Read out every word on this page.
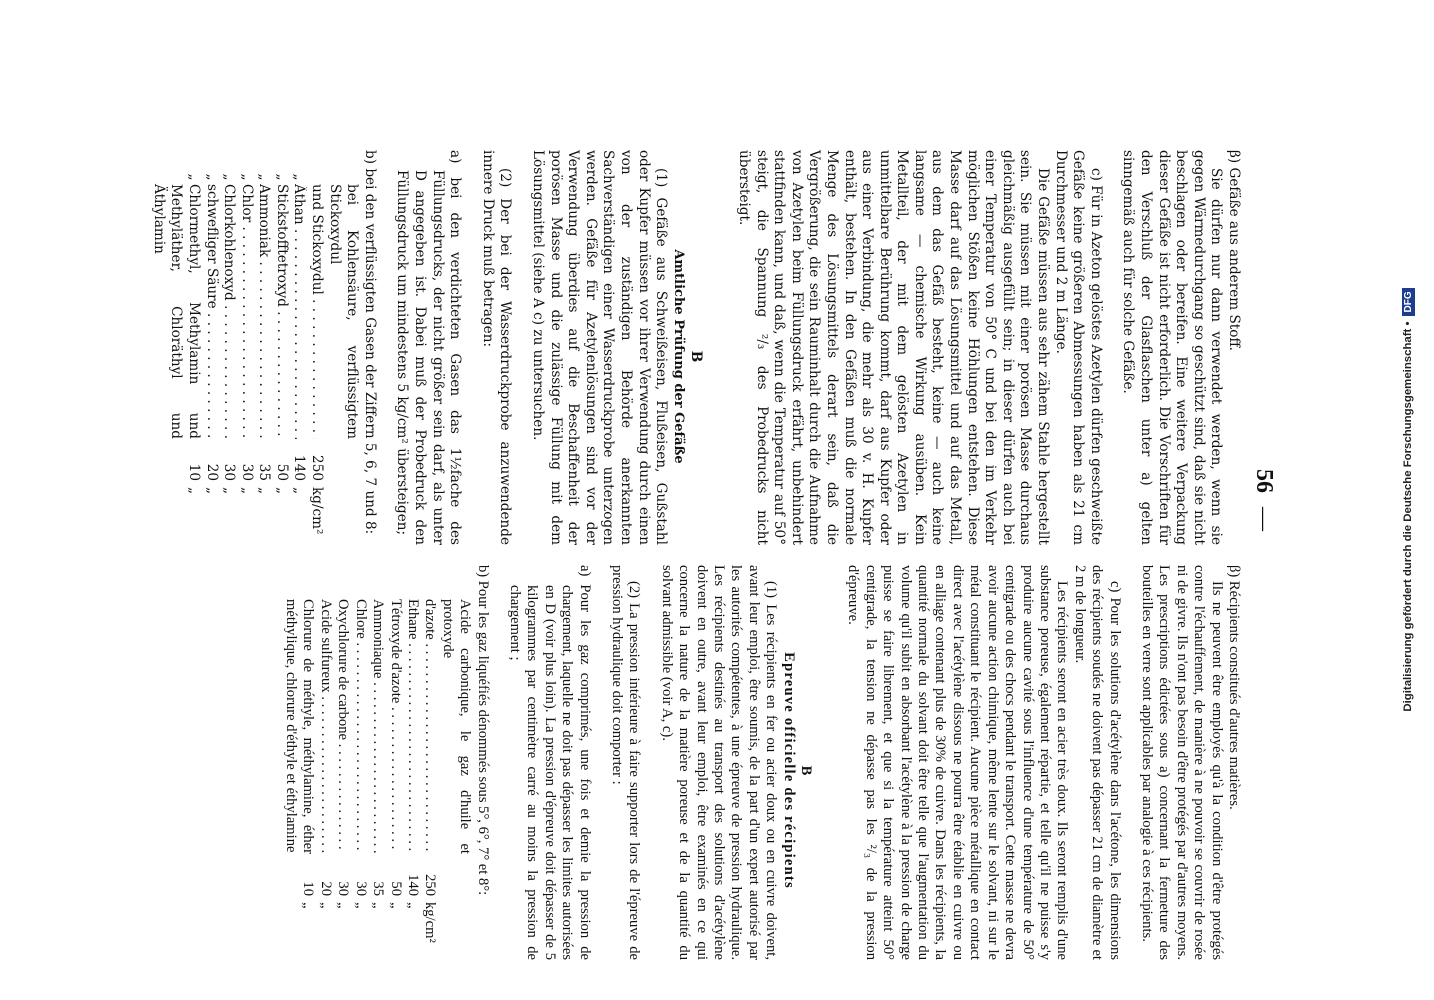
56—

β) Gefäße aus anderem Stoff.

Sie dürfen nur dann verwendet werden, wenn sie gegen Wärmedurchgang so geschützt sind, daß sie nicht beschlagen oder bereifen. Eine weitere Verpackung dieser Gefäße ist nicht erforderlich. Die Vorschriften für den Verschluß der Glasflaschen unter a) gelten sinngemäß auch für solche Gefäße.

c) Für in Azeton gelöstes Azetylen dürfen geschweißte Gefäße keine größeren Abmessungen haben als 21 cm Durchmesser und 2 m Länge.

Die Gefäße müssen aus sehr zähem Stahle hergestellt sein. Sie müssen mit einer porösen Masse durchaus gleichmäßig ausgefüllt sein; in dieser dürfen auch bei einer Temperatur von 50° C und bei den im Verkehr möglichen Stößen keine Höhlungen entstehen. Diese Masse darf auf das Lösungsmittel und auf das Metall, aus dem das Gefäß besteht, keine — auch keine langsame — chemische Wirkung ausüben. Kein Metallteil, der mit dem gelösten Azetylen in unmittelbare Berührung kommt, darf aus Kupfer oder aus einer Verbindung, die mehr als 30 v. H. Kupfer enthält, bestehen. In den Gefäßen muß die normale Menge des Lösungsmittels derart sein, daß die Vergrößerung, die sein Rauminhalt durch die Aufnahme von Azetylen beim Füllungsdruck erfährt, unbehindert stattfinden kann, und daß, wenn die Temperatur auf 50° steigt, die Spannung ²/₃ des Probedrucks nicht übersteigt.

B

Amtliche Prüfung der Gefäße

(1) Gefäße aus Schweißeisen, Flußeisen, Gußstahl oder Kupfer müssen vor ihrer Verwendung durch einen von der zuständigen Behörde anerkannten Sachverständigen einer Wasserdruckprobe unterzogen werden. Gefäße für Azetylenlösungen sind vor der Verwendung überdies auf die Beschaffenheit der porösen Masse und die zulässige Füllung mit dem Lösungsmittel (siehe A c) zu untersuchen.

(2) Der bei der Wasserdruckprobe anzuwendende innere Druck muß betragen:

a) bei den verdichteten Gasen das 1½fache des Füllungsdrucks, der nicht größer sein darf, als unter D angegeben ist. Dabei muß der Probedruck den Füllungsdruck um mindestens 5 kg/cm² übersteigen;

b) bei den verflüssigten Gasen der Ziffern 5, 6, 7 und 8:

bei Kohlensäure, verflüssigtem Stickoxydul
und Stickoxydul . . .
250
kg/cm²
„
Äthan . . .
140
„
„
Stickstofftetroxyd . . .
50
„
„
Ammoniak . . .
35
„
„
Chlor . . .
30
„
„
Chlorkohlenoxyd . . .
30
„
„
schwefliger Säure . . .
20
„
„
Chlormethyl, Methylamin und Methyläther, Chloräthyl und Äthylamin
10
„

β) Récipients constitués d'autres matières.

Ils ne peuvent être employés qu'à la condition d'être protégés contre l'échauffement, de manière à ne pouvoir se couvrir de rosée ni de givre. Ils n'ont pas besoin d'être protégés par d'autres moyens. Les prescriptions édictées sous a) concernant la fermeture des bouteilles en verre sont applicables par analogie à ces récipients.

c) Pour les solutions d'acétylène dans l'acétone, les dimensions des récipients soudés ne doivent pas dépasser 21 cm de diamètre et 2 m de longueur.

Les récipients seront en acier très doux. Ils seront remplis d'une substance poreuse, également répartie, et telle qu'il ne puisse s'y produire aucune cavité sous l'influence d'une température de 50° centigrade ou des chocs pendant le transport. Cette masse ne devra avoir aucune action chimique, même lente sur le solvant, ni sur le métal constituant le récipient. Aucune pièce métallique en contact direct avec l'acétylène dissous ne pourra être établie en cuivre ou en alliage contenant plus de 30% de cuivre. Dans les récipients, la quantité normale du solvant doit être telle que l'augmentation du volume qu'il subit en absorbant l'acétylène à la pression de charge puisse se faire librement, et que si la température atteint 50° centigrade, la tension ne dépasse pas les ²/₃ de la pression d'épreuve.

B

Epreuve officielle des récipients

(1) Les récipients en fer ou acier doux ou en cuivre doivent, avant leur emploi, être soumis, de la part d'un expert autorisé par les autorités compétentes, à une épreuve de pression hydraulique. Les récipients destinés au transport des solutions d'acétylène doivent en outre, avant leur emploi, être examinés en ce qui concerne la nature de la matière poreuse et de la quantité du solvant admissible (voir A, c).

(2) La pression intérieure à faire supporter lors de l'épreuve de pression hydraulique doit comporter :

a) Pour les gaz comprimés, une fois et demie la pression de chargement, laquelle ne doit pas dépasser les limites autorisées en D (voir plus loin). La pression d'épreuve doit dépasser de 5 kilogrammes par centimètre carré au moins la pression de chargement ;

b) Pour les gaz liquéfiés dénommés sous 5°, 6°, 7° et 8°:

Acide carbonique, le gaz d'huile et protoxyde
d'azote . . .
250
kg/cm²
Ethane . . .
140
„
Tétroxyde d'azote . . .
50
„
Ammoniaque . . .
35
„
Chlore . . .
30
„
Oxychlorure de carbone . . .
30
„
Acide sulfureux . . .
20
„
Chlorure de méthyle, méthylamine, éther méthylique, chlorure d'éthyle et éthylamine
10
„
Digitalisierung gefördert durch die Deutsche Forschungsgemeinschaft •
DFG
